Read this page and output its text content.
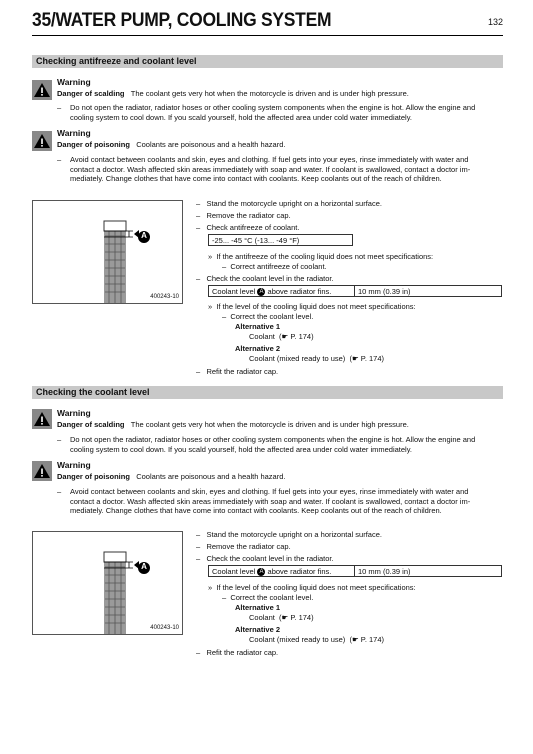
35/WATER PUMP, COOLING SYSTEM	132
Checking antifreeze and coolant level
Warning
Danger of scalding The coolant gets very hot when the motorcycle is driven and is under high pressure.
– Do not open the radiator, radiator hoses or other cooling system components when the engine is hot. Allow the engine and
cooling system to cool down. If you scald yourself, hold the affected area under cold water immediately.
Warning
Danger of poisoning Coolants are poisonous and a health hazard.
– Avoid contact between coolants and skin, eyes and clothing. If fuel gets into your eyes, rinse immediately with water and
contact a doctor. Wash affected skin areas immediately with soap and water. If coolant is swallowed, contact a doctor im-
mediately. Change clothes that have come into contact with coolants. Keep coolants out of the reach of children.
A
400243-10
– Stand the motorcycle upright on a horizontal surface.
– Remove the radiator cap.
– Check antifreeze of coolant.
-25... -45 °C (-13... -49 °F)
» If the antifreeze of the cooling liquid does not meet specifications:
– Correct antifreeze of coolant.
– Check the coolant level in the radiator.
Coolant level A above radiator fins.	10 mm (0.39 in)
» If the level of the cooling liquid does not meet specifications:
– Correct the coolant level.
Alternative 1
Coolant (☛ P. 174)
Alternative 2
Coolant (mixed ready to use) (☛ P. 174)
– Refit the radiator cap.
Checking the coolant level
Warning
Danger of scalding The coolant gets very hot when the motorcycle is driven and is under high pressure.
– Do not open the radiator, radiator hoses or other cooling system components when the engine is hot. Allow the engine and
cooling system to cool down. If you scald yourself, hold the affected area under cold water immediately.
Warning
Danger of poisoning Coolants are poisonous and a health hazard.
– Avoid contact between coolants and skin, eyes and clothing. If fuel gets into your eyes, rinse immediately with water and
contact a doctor. Wash affected skin areas immediately with soap and water. If coolant is swallowed, contact a doctor im-
mediately. Change clothes that have come into contact with coolants. Keep coolants out of the reach of children.
A
400243-10
– Stand the motorcycle upright on a horizontal surface.
– Remove the radiator cap.
– Check the coolant level in the radiator.
Coolant level A above radiator fins.	10 mm (0.39 in)
» If the level of the cooling liquid does not meet specifications:
– Correct the coolant level.
Alternative 1
Coolant (☛ P. 174)
Alternative 2
Coolant (mixed ready to use) (☛ P. 174)
– Refit the radiator cap.
